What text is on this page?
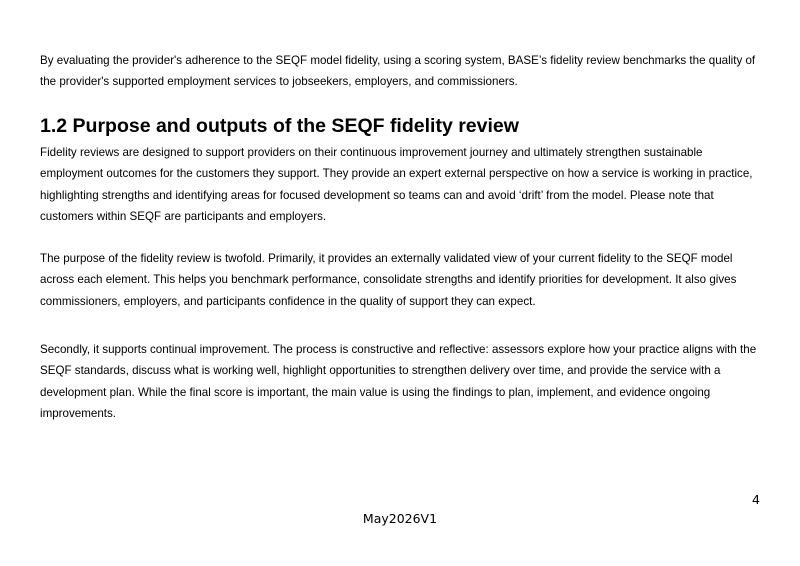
By evaluating the provider's adherence to the SEQF model fidelity, using a scoring system, BASE’s fidelity review benchmarks the quality of the provider's supported employment services to jobseekers, employers, and commissioners.

1.2 Purpose and outputs of the SEQF fidelity review

Fidelity reviews are designed to support providers on their continuous improvement journey and ultimately strengthen sustainable employment outcomes for the customers they support. They provide an expert external perspective on how a service is working in practice, highlighting strengths and identifying areas for focused development so teams can and avoid ‘drift’ from the model. Please note that customers within SEQF are participants and employers.

The purpose of the fidelity review is twofold. Primarily, it provides an externally validated view of your current fidelity to the SEQF model across each element. This helps you benchmark performance, consolidate strengths and identify priorities for development. It also gives commissioners, employers, and participants confidence in the quality of support they can expect.

Secondly, it supports continual improvement. The process is constructive and reflective: assessors explore how your practice aligns with the SEQF standards, discuss what is working well, highlight opportunities to strengthen delivery over time, and provide the service with a development plan. While the final score is important, the main value is using the findings to plan, implement, and evidence ongoing improvements.

4
May2026V1
